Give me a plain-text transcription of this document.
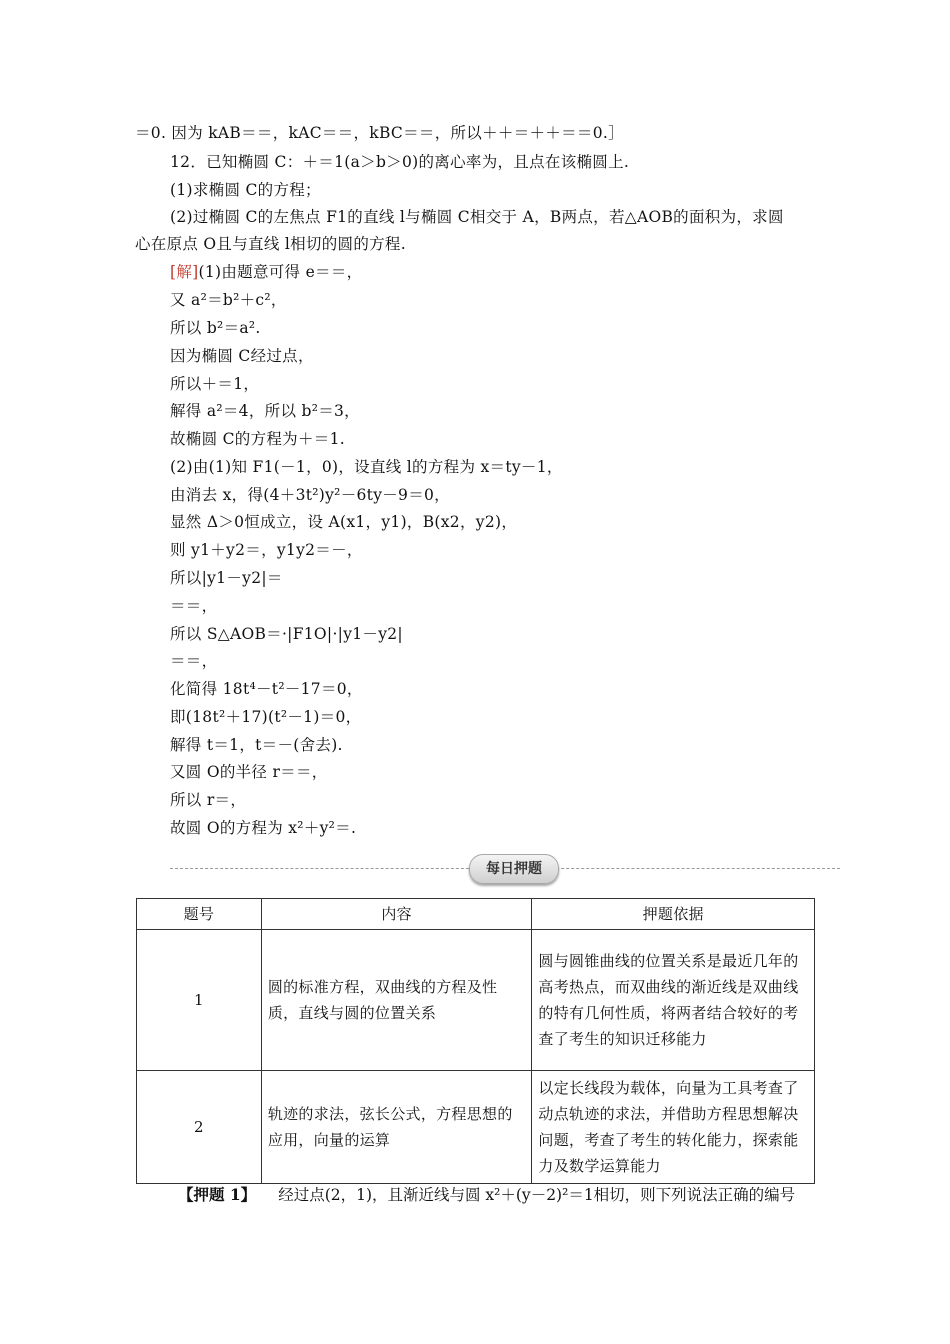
＝0. 因为 kAB＝＝，kAC＝＝，kBC＝＝，所以＋＋＝＋＋＝＝0.］
12．已知椭圆 C：＋＝1(a＞b＞0)的离心率为，且点在该椭圆上.
(1)求椭圆 C的方程；
(2)过椭圆 C的左焦点 F1的直线 l与椭圆 C相交于 A，B两点，若△AOB的面积为，求圆
心在原点 O且与直线 l相切的圆的方程.
[解](1)由题意可得 e＝＝，
又 a²＝b²＋c²，
所以 b²＝a².
因为椭圆 C经过点，
所以＋＝1，
解得 a²＝4，所以 b²＝3，
故椭圆 C的方程为＋＝1.
(2)由(1)知 F1(－1，0)，设直线 l的方程为 x＝ty－1，
由消去 x，得(4＋3t²)y²－6ty－9＝0，
显然 Δ＞0恒成立，设 A(x1，y1)，B(x2，y2)，
则 y1＋y2＝，y1y2＝－，
所以|y1－y2|＝
＝＝，
所以 S△AOB＝·|F1O|·|y1－y2|
＝＝，
化简得 18t⁴－t²－17＝0，
即(18t²＋17)(t²－1)＝0，
解得 t＝1，t＝－(舍去).
又圆 O的半径 r＝＝，
所以 r＝，
故圆 O的方程为 x²＋y²＝.
每日押题
题号	内容	押题依据
1	圆的标准方程，双曲线的方程及性质，直线与圆的位置关系	圆与圆锥曲线的位置关系是最近几年的高考热点，而双曲线的渐近线是双曲线的特有几何性质，将两者结合较好的考查了考生的知识迁移能力
2	轨迹的求法，弦长公式，方程思想的应用，向量的运算	以定长线段为载体，向量为工具考查了动点轨迹的求法，并借助方程思想解决问题，考查了考生的转化能力，探索能力及数学运算能力
【押题 1】 经过点(2，1)，且渐近线与圆 x²＋(y－2)²＝1相切，则下列说法正确的编号
